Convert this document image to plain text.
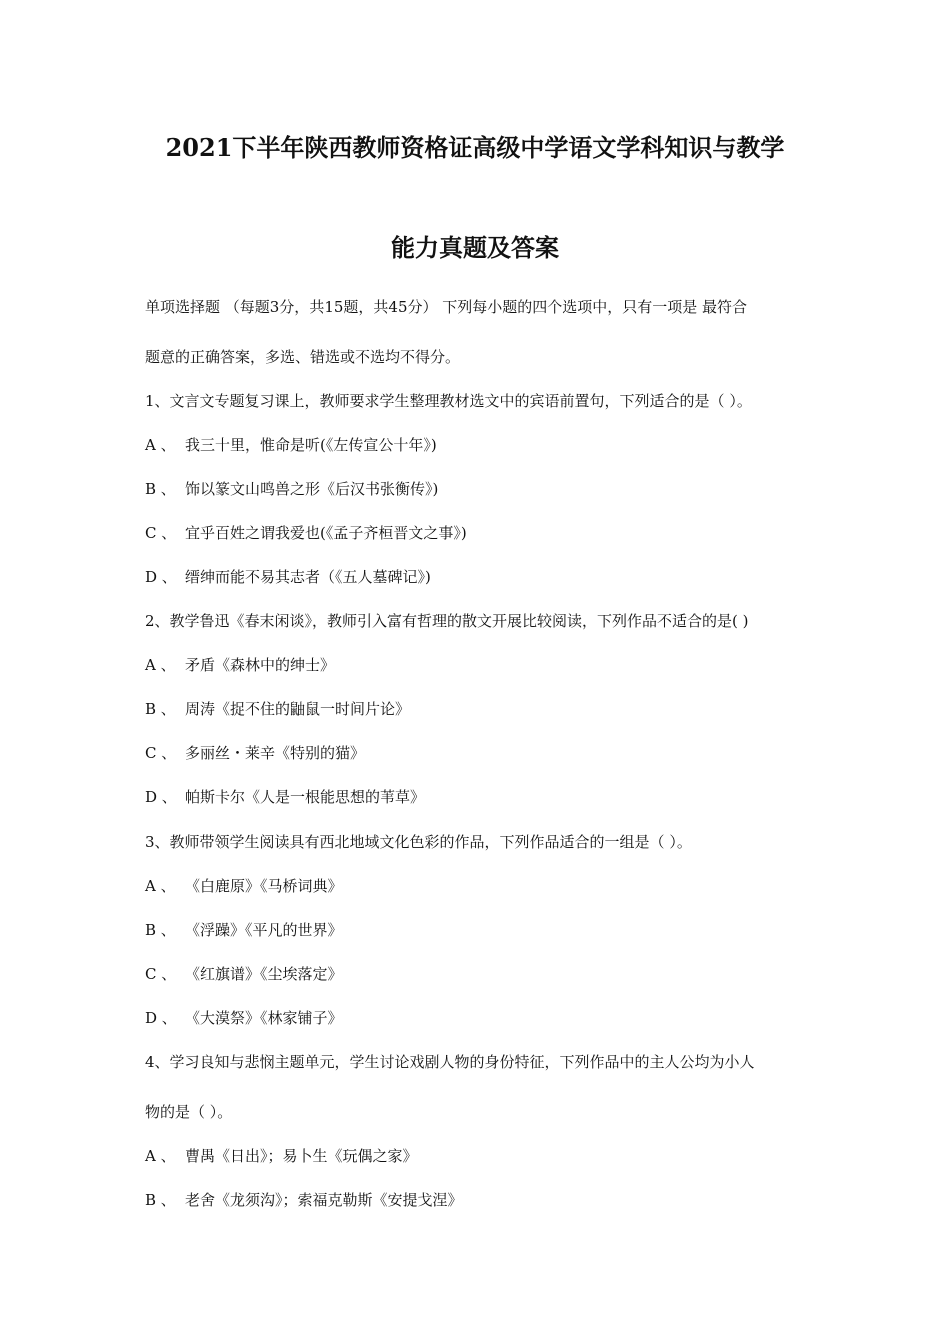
2021下半年陕西教师资格证高级中学语文学科知识与教学
能力真题及答案
单项选择题 （每题3分，共15题，共45分） 下列每小题的四个选项中，只有一项是 最符合
题意的正确答案，多选、错选或不选均不得分。
1、文言文专题复习课上，教师要求学生整理教材选文中的宾语前置句，下列适合的是（ ）。
A 、 我三十里，惟命是听(《左传宣公十年》)
B 、 饰以篆文山鸣兽之形《后汉书张衡传》)
C 、 宜乎百姓之谓我爱也(《孟子齐桓晋文之事》)
D 、 缙绅而能不易其志者（《五人墓碑记》)
2、教学鲁迅《春末闲谈》，教师引入富有哲理的散文开展比较阅读，下列作品不适合的是( )
A 、 矛盾《森林中的绅士》
B 、 周涛《捉不住的鼬鼠一时间片论》
C 、 多丽丝・莱辛《特别的猫》
D 、 帕斯卡尔《人是一根能思想的苇草》
3、教师带领学生阅读具有西北地域文化色彩的作品，下列作品适合的一组是（ ）。
A 、 《白鹿原》《马桥词典》
B 、 《浮躁》《平凡的世界》
C 、 《红旗谱》《尘埃落定》
D 、 《大漠祭》《林家铺子》
4、学习良知与悲悯主题单元，学生讨论戏剧人物的身份特征，下列作品中的主人公均为小人
物的是（ ）。
A 、 曹禺《日出》；易卜生《玩偶之家》
B 、 老舍《龙须沟》；索福克勒斯《安提戈涅》
